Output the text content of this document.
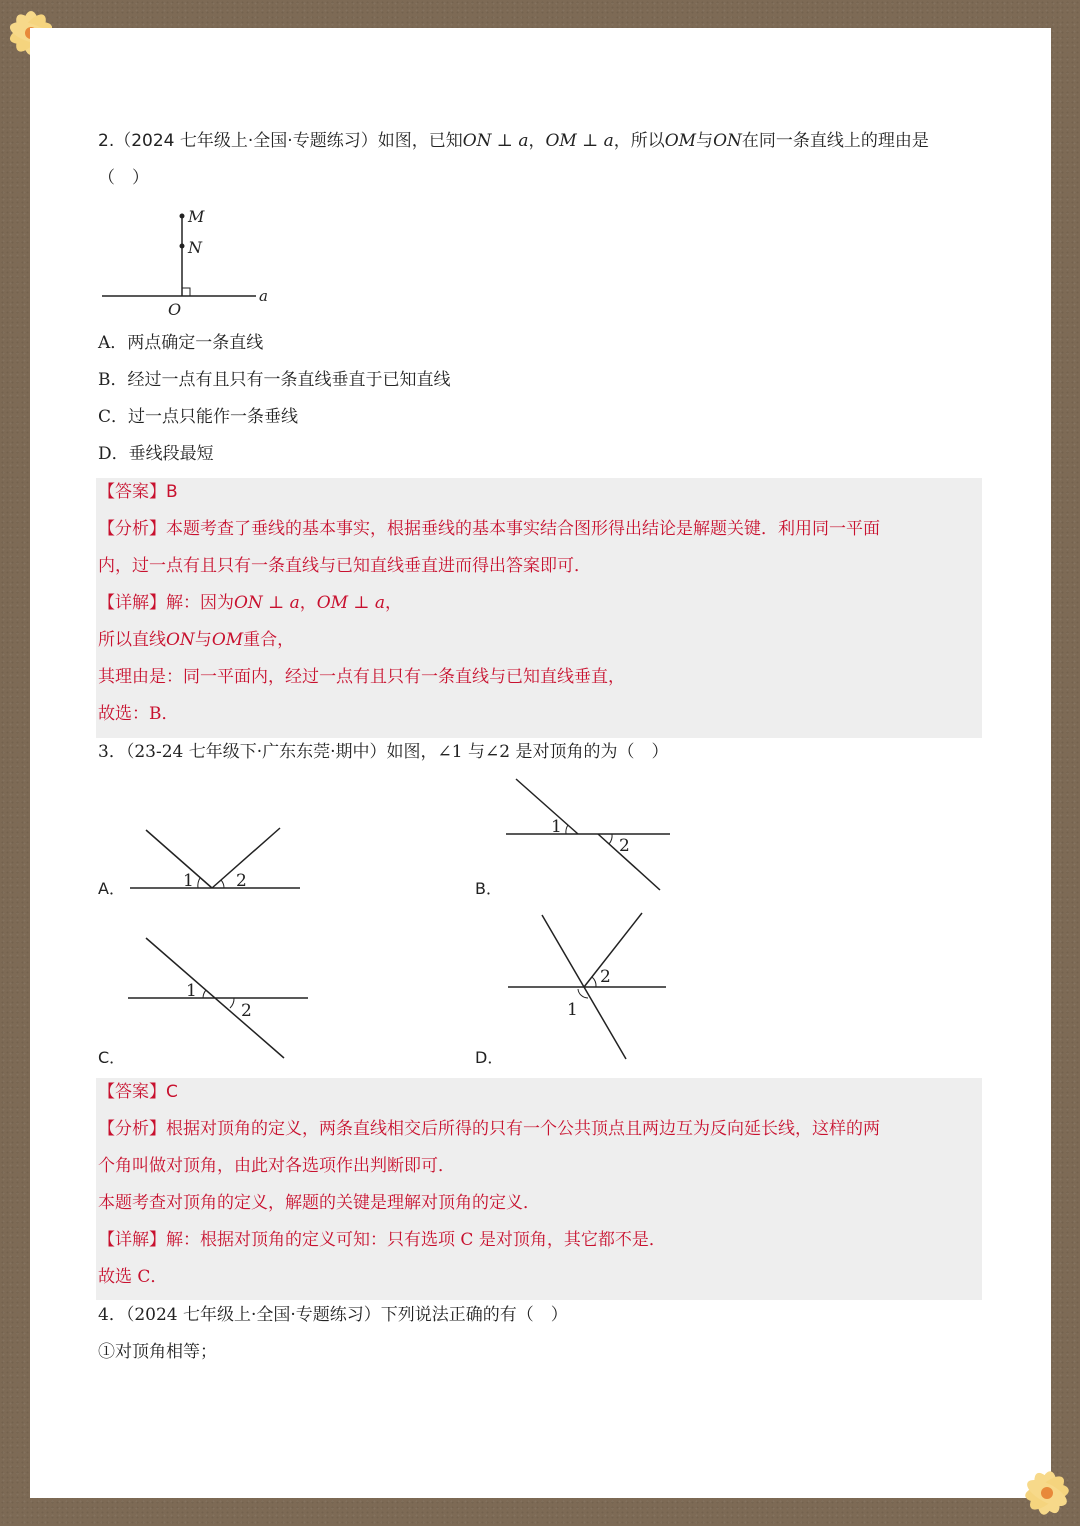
2.（2024 七年级上·全国·专题练习）如图，已知ON ⊥ a，OM ⊥ a，所以OM与ON在同一条直线上的理由是
（　）
M
N
O
a
A．两点确定一条直线
B．经过一点有且只有一条直线垂直于已知直线
C．过一点只能作一条垂线
D．垂线段最短
【答案】B
【分析】本题考查了垂线的基本事实，根据垂线的基本事实结合图形得出结论是解题关键．利用同一平面
内，过一点有且只有一条直线与已知直线垂直进而得出答案即可．
【详解】解：因为ON ⊥ a，OM ⊥ a，
所以直线ON与OM重合，
其理由是：同一平面内，经过一点有且只有一条直线与已知直线垂直，
故选：B．
3．（23-24 七年级下·广东东莞·期中）如图，∠1 与∠2 是对顶角的为（　）
A．	B．
C．	D．
1 2
1
2
1
2
2
1
【答案】C
【分析】根据对顶角的定义，两条直线相交后所得的只有一个公共顶点且两边互为反向延长线，这样的两
个角叫做对顶角，由此对各选项作出判断即可．
本题考查对顶角的定义，解题的关键是理解对顶角的定义．
【详解】解：根据对顶角的定义可知：只有选项 C 是对顶角，其它都不是．
故选 C．
4．（2024 七年级上·全国·专题练习）下列说法正确的有（　）
①对顶角相等；
